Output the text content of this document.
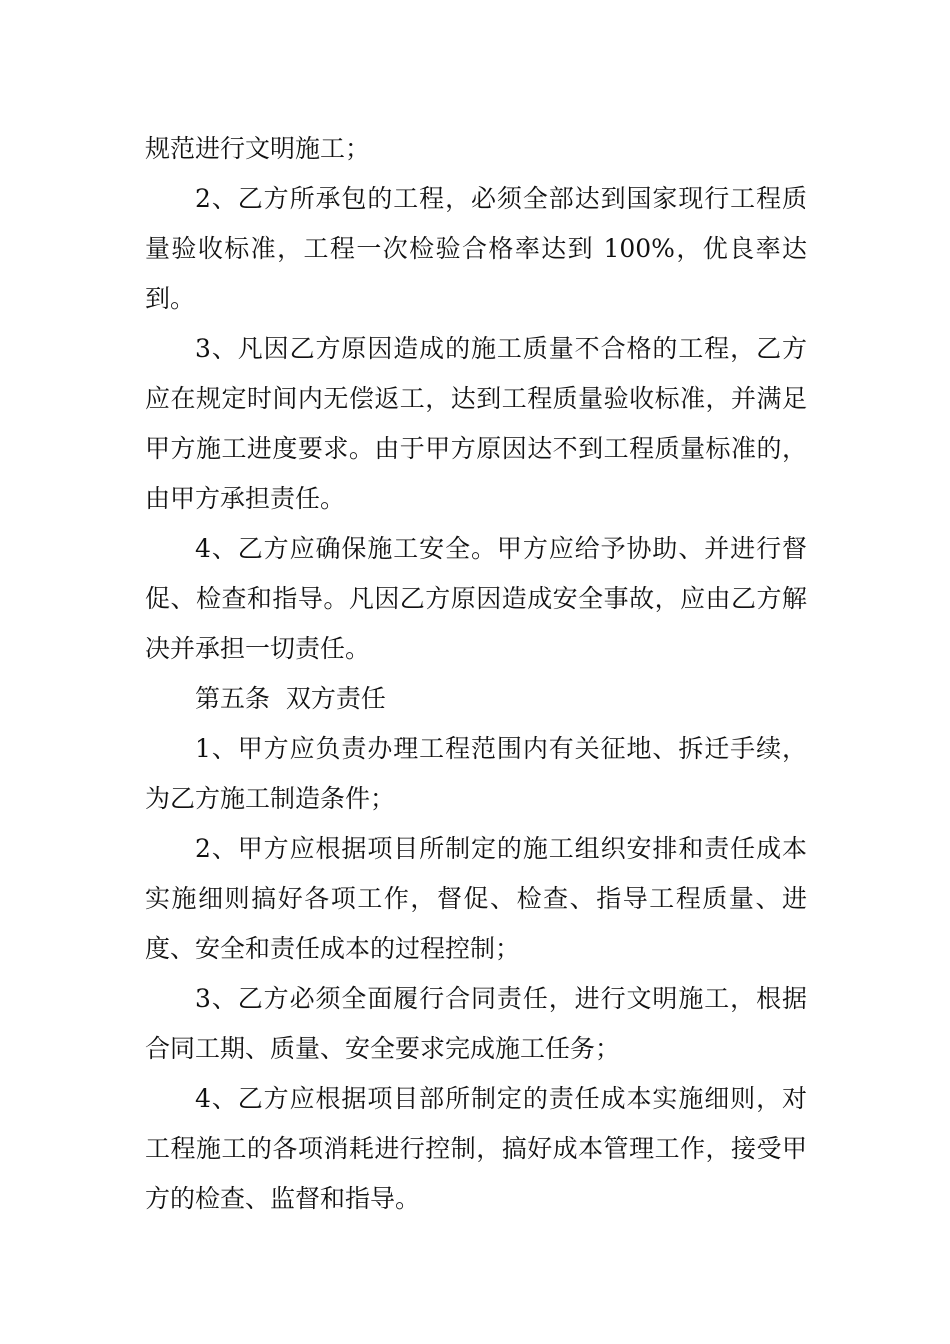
规范进行文明施工；

2、乙方所承包的工程，必须全部达到国家现行工程质量验收标准，工程一次检验合格率达到 100%，优良率达到。

3、凡因乙方原因造成的施工质量不合格的工程，乙方应在规定时间内无偿返工，达到工程质量验收标准，并满足甲方施工进度要求。由于甲方原因达不到工程质量标准的，由甲方承担责任。

4、乙方应确保施工安全。甲方应给予协助、并进行督促、检查和指导。凡因乙方原因造成安全事故，应由乙方解决并承担一切责任。

第五条  双方责任

1、甲方应负责办理工程范围内有关征地、拆迁手续，为乙方施工制造条件；

2、甲方应根据项目所制定的施工组织安排和责任成本实施细则搞好各项工作，督促、检查、指导工程质量、进度、安全和责任成本的过程控制；

3、乙方必须全面履行合同责任，进行文明施工，根据合同工期、质量、安全要求完成施工任务；

4、乙方应根据项目部所制定的责任成本实施细则，对工程施工的各项消耗进行控制，搞好成本管理工作，接受甲方的检查、监督和指导。
